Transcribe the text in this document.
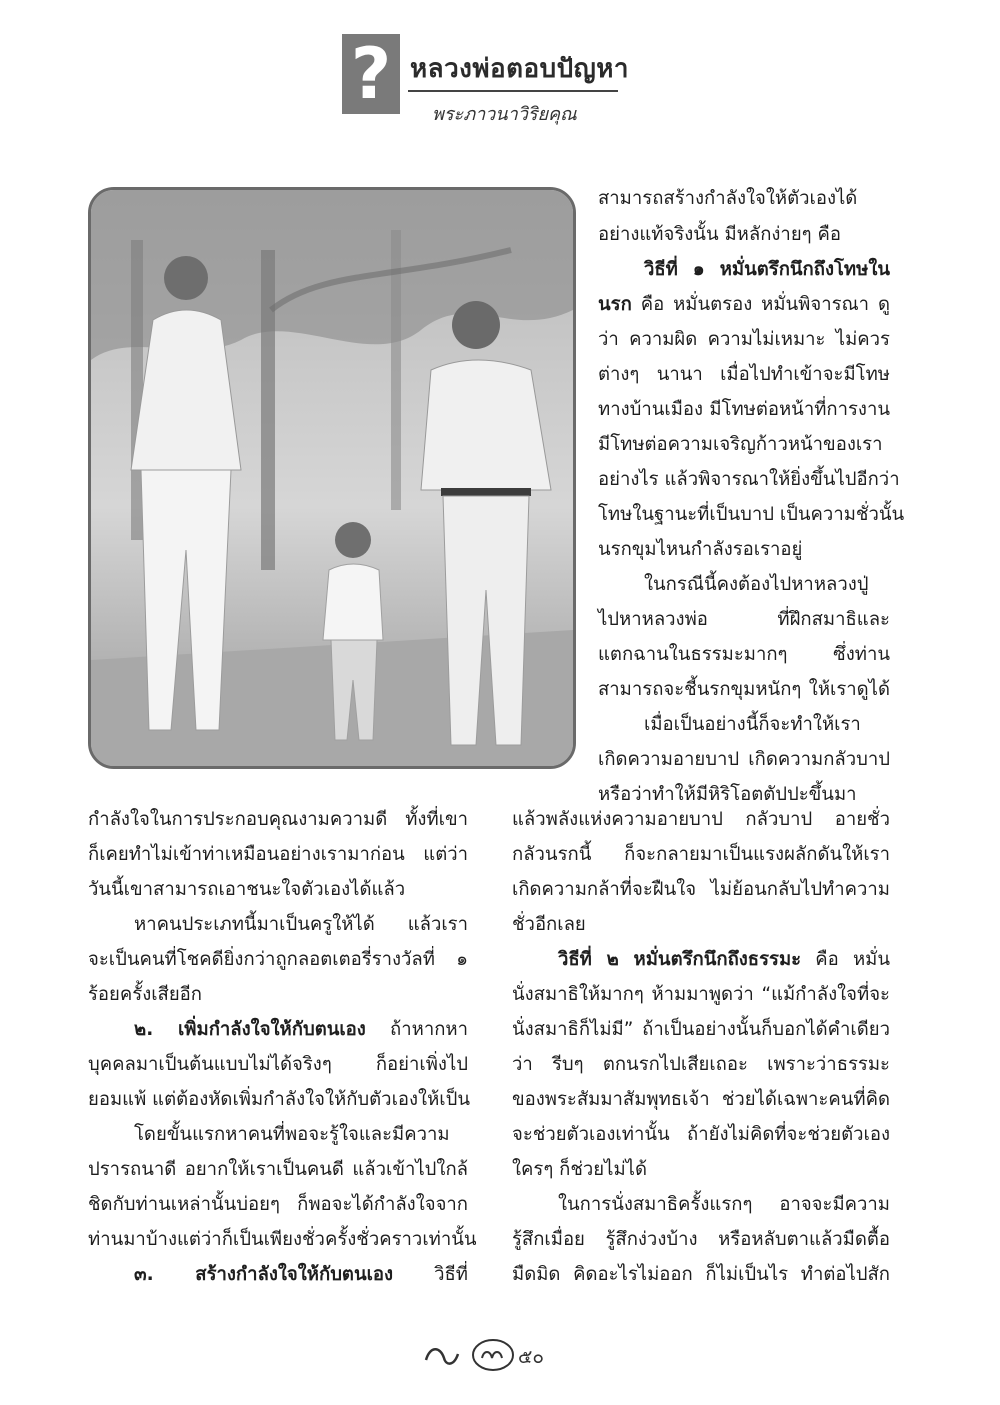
? หลวงพ่อตอบปัญหา
พระภาวนาวิริยคุณ
สามารถสร้างกำลังใจให้ตัวเองได้
อย่างแท้จริงนั้น มีหลักง่ายๆ คือ
วิธีที่ ๑ หมั่นตรึกนึกถึงโทษใน
นรก คือ หมั่นตรอง หมั่นพิจารณา ดู
ว่า ความผิด ความไม่เหมาะ ไม่ควร
ต่างๆ นานา เมื่อไปทำเข้าจะมีโทษ
ทางบ้านเมือง มีโทษต่อหน้าที่การงาน
มีโทษต่อความเจริญก้าวหน้าของเรา
อย่างไร แล้วพิจารณาให้ยิ่งขึ้นไปอีกว่า
โทษในฐานะที่เป็นบาป เป็นความชั่วนั้น
นรกขุมไหนกำลังรอเราอยู่
ในกรณีนี้คงต้องไปหาหลวงปู่
ไปหาหลวงพ่อ ที่ฝึกสมาธิและ
แตกฉานในธรรมะมากๆ ซึ่งท่าน
สามารถจะชี้นรกขุมหนักๆ ให้เราดูได้
เมื่อเป็นอย่างนี้ก็จะทำให้เรา
เกิดความอายบาป เกิดความกลัวบาป
หรือว่าทำให้มีหิริโอตตัปปะขึ้นมา
แล้วพลังแห่งความอายบาป กลัวบาป อายชั่ว
กลัวนรกนี้ ก็จะกลายมาเป็นแรงผลักดันให้เรา
เกิดความกล้าที่จะฝืนใจ ไม่ย้อนกลับไปทำความ
ชั่วอีกเลย
วิธีที่ ๒ หมั่นตรึกนึกถึงธรรมะ คือ หมั่น
นั่งสมาธิให้มากๆ ห้ามมาพูดว่า “แม้กำลังใจที่จะ
นั่งสมาธิก็ไม่มี” ถ้าเป็นอย่างนั้นก็บอกได้คำเดียว
ว่า รีบๆ ตกนรกไปเสียเถอะ เพราะว่าธรรมะ
ของพระสัมมาสัมพุทธเจ้า ช่วยได้เฉพาะคนที่คิด
จะช่วยตัวเองเท่านั้น ถ้ายังไม่คิดที่จะช่วยตัวเอง
ใครๆ ก็ช่วยไม่ได้
ในการนั่งสมาธิครั้งแรกๆ อาจจะมีความ
รู้สึกเมื่อย รู้สึกง่วงบ้าง หรือหลับตาแล้วมืดตื้อ
มืดมิด คิดอะไรไม่ออก ก็ไม่เป็นไร ทำต่อไปสัก
กำลังใจในการประกอบคุณงามความดี ทั้งที่เขา
ก็เคยทำไม่เข้าท่าเหมือนอย่างเรามาก่อน แต่ว่า
วันนี้เขาสามารถเอาชนะใจตัวเองได้แล้ว
หาคนประเภทนี้มาเป็นครูให้ได้ แล้วเรา
จะเป็นคนที่โชคดียิ่งกว่าถูกลอตเตอรี่รางวัลที่ ๑
ร้อยครั้งเสียอีก
๒. เพิ่มกำลังใจให้กับตนเอง ถ้าหากหา
บุคคลมาเป็นต้นแบบไม่ได้จริงๆ ก็อย่าเพิ่งไป
ยอมแพ้ แต่ต้องหัดเพิ่มกำลังใจให้กับตัวเองให้เป็น
โดยขั้นแรกหาคนที่พอจะรู้ใจและมีความ
ปรารถนาดี อยากให้เราเป็นคนดี แล้วเข้าไปใกล้
ชิดกับท่านเหล่านั้นบ่อยๆ ก็พอจะได้กำลังใจจาก
ท่านมาบ้างแต่ว่าก็เป็นเพียงชั่วครั้งชั่วคราวเท่านั้น
๓. สร้างกำลังใจให้กับตนเอง วิธีที่
๕๐
